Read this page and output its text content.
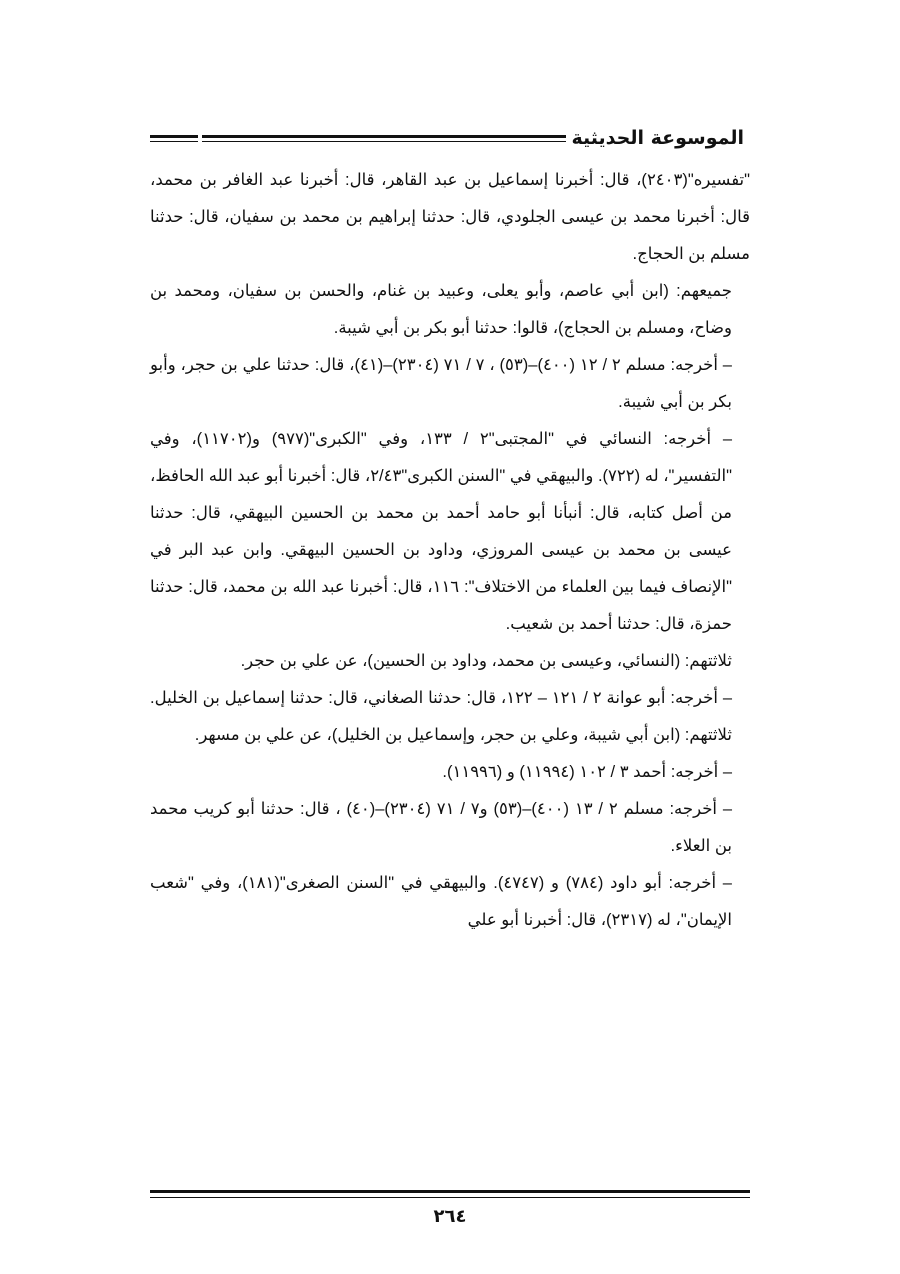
الموسوعة الحديثية

"تفسيره"(٢٤٠٣)، قال: أخبرنا إسماعيل بن عبد القاهر، قال: أخبرنا عبد الغافر بن محمد، قال: أخبرنا محمد بن عيسى الجلودي، قال: حدثنا إبراهيم بن محمد بن سفيان، قال: حدثنا مسلم بن الحجاج.

جميعهم: (ابن أبي عاصم، وأبو يعلى، وعبيد بن غنام، والحسن بن سفيان، ومحمد بن وضاح، ومسلم بن الحجاج)، قالوا: حدثنا أبو بكر بن أبي شيبة.

– أخرجه: مسلم ٢ / ١٢ (٤٠٠)–(٥٣) ، ٧ / ٧١ (٢٣٠٤)–(٤١)، قال: حدثنا علي بن حجر، وأبو بكر بن أبي شيبة.

– أخرجه: النسائي في "المجتبى"٢ / ١٣٣، وفي "الكبرى"(٩٧٧) و(١١٧٠٢)، وفي "التفسير"، له (٧٢٢). والبيهقي في "السنن الكبرى"٢/٤٣، قال: أخبرنا أبو عبد الله الحافظ، من أصل كتابه، قال: أنبأنا أبو حامد أحمد بن محمد بن الحسين البيهقي، قال: حدثنا عيسى بن محمد بن عيسى المروزي، وداود بن الحسين البيهقي. وابن عبد البر في "الإنصاف فيما بين العلماء من الاختلاف": ١١٦، قال: أخبرنا عبد الله بن محمد، قال: حدثنا حمزة، قال: حدثنا أحمد بن شعيب.

ثلاثتهم: (النسائي، وعيسى بن محمد، وداود بن الحسين)، عن علي بن حجر.

– أخرجه: أبو عوانة ٢ / ١٢١ – ١٢٢، قال: حدثنا الصغاني، قال: حدثنا إسماعيل بن الخليل. ثلاثتهم: (ابن أبي شيبة، وعلي بن حجر، وإسماعيل بن الخليل)، عن علي بن مسهر.

– أخرجه: أحمد ٣ / ١٠٢ (١١٩٩٤) و (١١٩٩٦).

– أخرجه: مسلم ٢ / ١٣ (٤٠٠)–(٥٣) و٧ / ٧١ (٢٣٠٤)–(٤٠) ، قال: حدثنا أبو كريب محمد بن العلاء.

– أخرجه: أبو داود (٧٨٤) و (٤٧٤٧). والبيهقي في "السنن الصغرى"(١٨١)، وفي "شعب الإيمان"، له (٢٣١٧)، قال: أخبرنا أبو علي

٢٦٤
